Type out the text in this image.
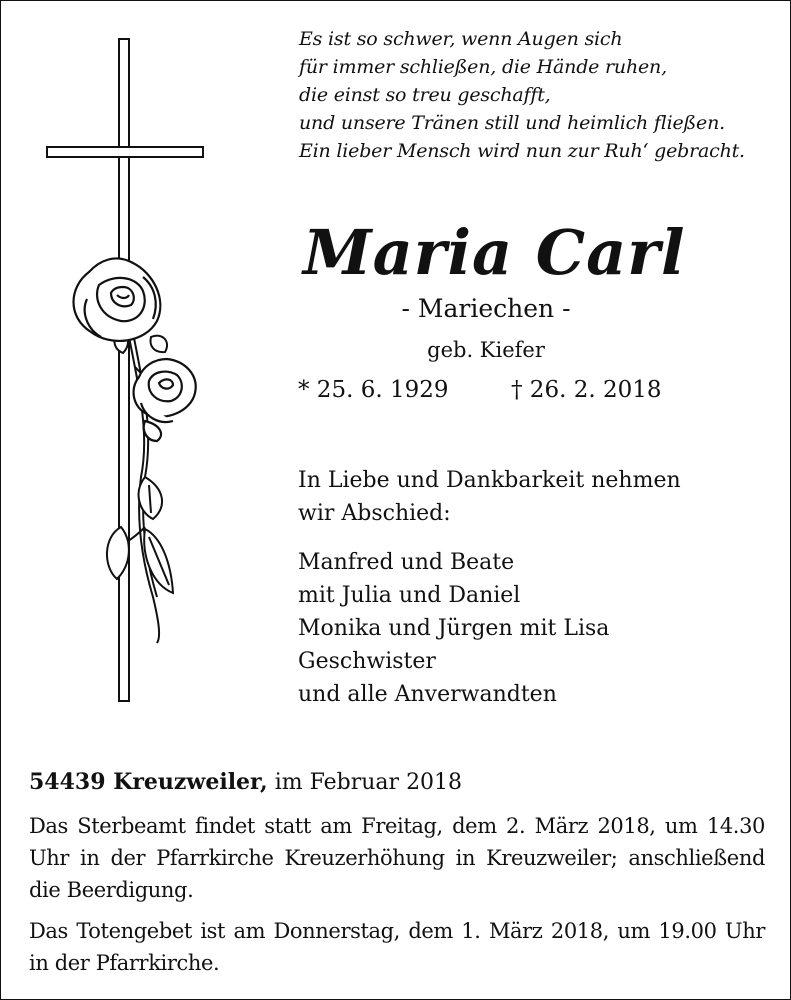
Es ist so schwer, wenn Augen sich
für immer schließen, die Hände ruhen,
die einst so treu geschafft,
und unsere Tränen still und heimlich fließen.
Ein lieber Mensch wird nun zur Ruh‘ gebracht.
Maria Carl
- Mariechen -
geb. Kiefer
* 25. 6. 1929	† 26. 2. 2018
In Liebe und Dankbarkeit nehmen
wir Abschied:
Manfred und Beate
mit Julia und Daniel
Monika und Jürgen mit Lisa
Geschwister
und alle Anverwandten
54439 Kreuzweiler, im Februar 2018
Das Sterbeamt findet statt am Freitag, dem 2. März 2018, um 14.30 Uhr in der Pfarrkirche Kreuzerhöhung in Kreuzweiler; anschließend die Beerdigung.
Das Totengebet ist am Donnerstag, dem 1. März 2018, um 19.00 Uhr in der Pfarrkirche.
